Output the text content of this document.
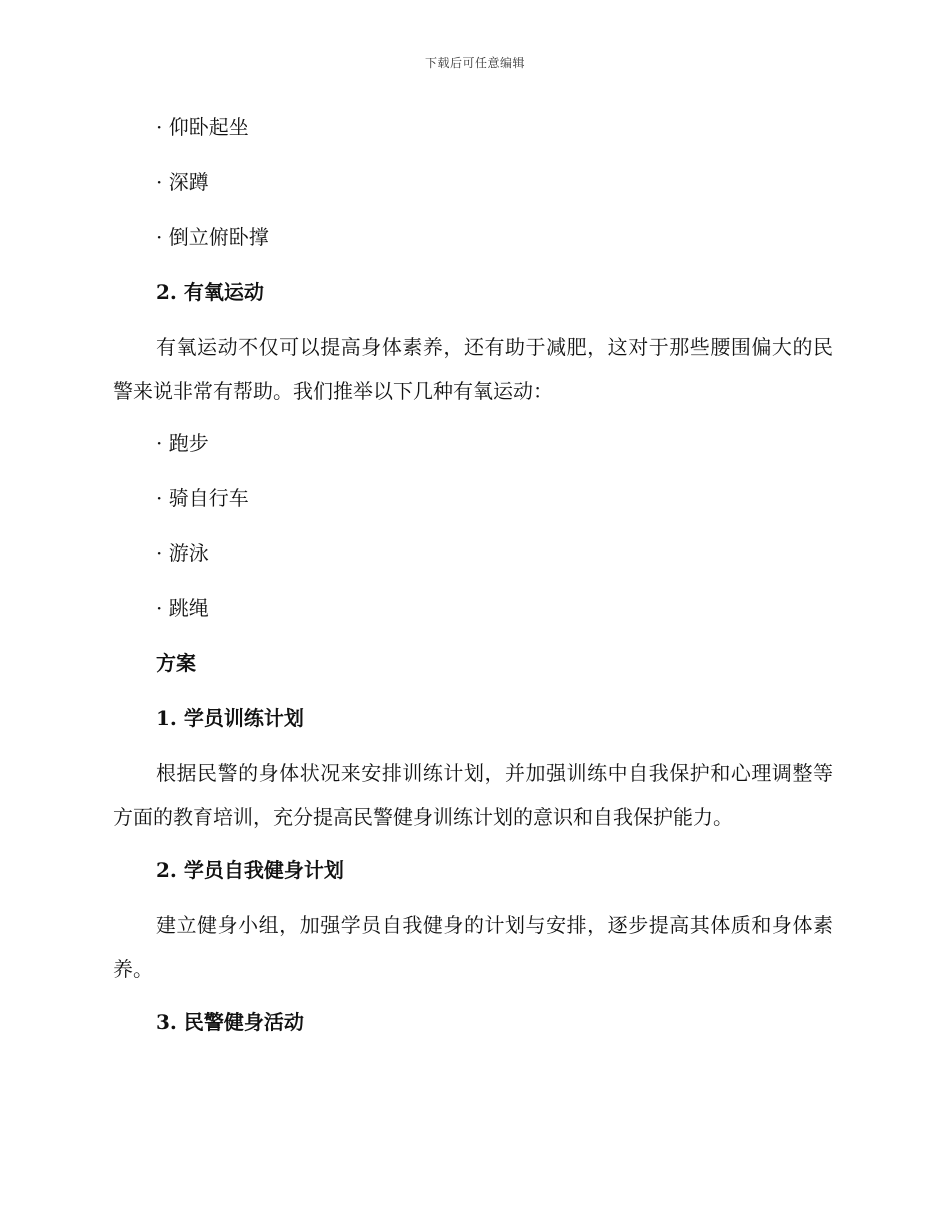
下载后可任意编辑
· 仰卧起坐
· 深蹲
· 倒立俯卧撑
2. 有氧运动
有氧运动不仅可以提高身体素养，还有助于减肥，这对于那些腰围偏大的民警来说非常有帮助。我们推举以下几种有氧运动：
· 跑步
· 骑自行车
· 游泳
· 跳绳
方案
1. 学员训练计划
根据民警的身体状况来安排训练计划，并加强训练中自我保护和心理调整等方面的教育培训，充分提高民警健身训练计划的意识和自我保护能力。
2. 学员自我健身计划
建立健身小组，加强学员自我健身的计划与安排，逐步提高其体质和身体素养。
3. 民警健身活动
